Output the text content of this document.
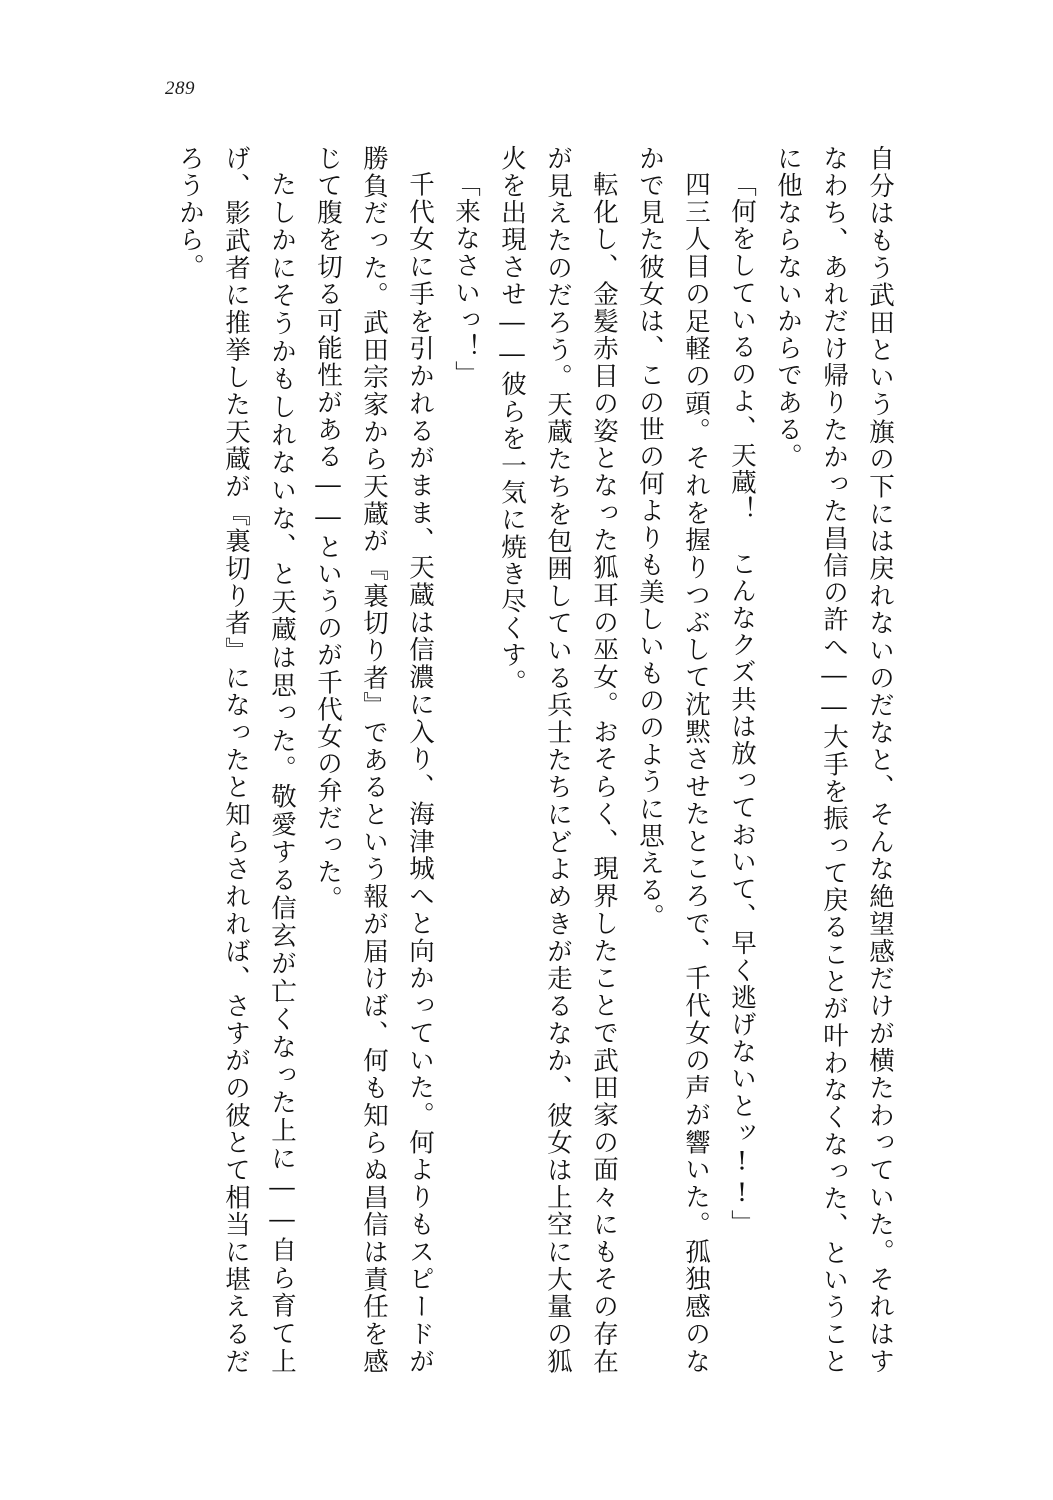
289

自分はもう武田という旗の下には戻れないのだなと、そんな絶望感だけが横たわっていた。それはすなわち、あれだけ帰りたかった昌信の許へ――大手を振って戻ることが叶わなくなった、ということに他ならないからである。

「何をしているのよ、天蔵！　こんなクズ共は放っておいて、早く逃げないとッ!!」

四三人目の足軽の頭。それを握りつぶして沈黙させたところで、千代女の声が響いた。孤独感のなかで見た彼女は、この世の何よりも美しいもののように思える。

転化し、金髪赤目の姿となった狐耳の巫女。おそらく、現界したことで武田家の面々にもその存在が見えたのだろう。天蔵たちを包囲している兵士たちにどよめきが走るなか、彼女は上空に大量の狐火を出現させ――彼らを一気に焼き尽くす。

「来なさいっ！」

千代女に手を引かれるがまま、天蔵は信濃に入り、海津城へと向かっていた。何よりもスピードが勝負だった。武田宗家から天蔵が『裏切り者』であるという報が届けば、何も知らぬ昌信は責任を感じて腹を切る可能性がある――というのが千代女の弁だった。

たしかにそうかもしれないな、と天蔵は思った。敬愛する信玄が亡くなった上に――自ら育て上げ、影武者に推挙した天蔵が『裏切り者』になったと知らされれば、さすがの彼とて相当に堪えるだろうから。
